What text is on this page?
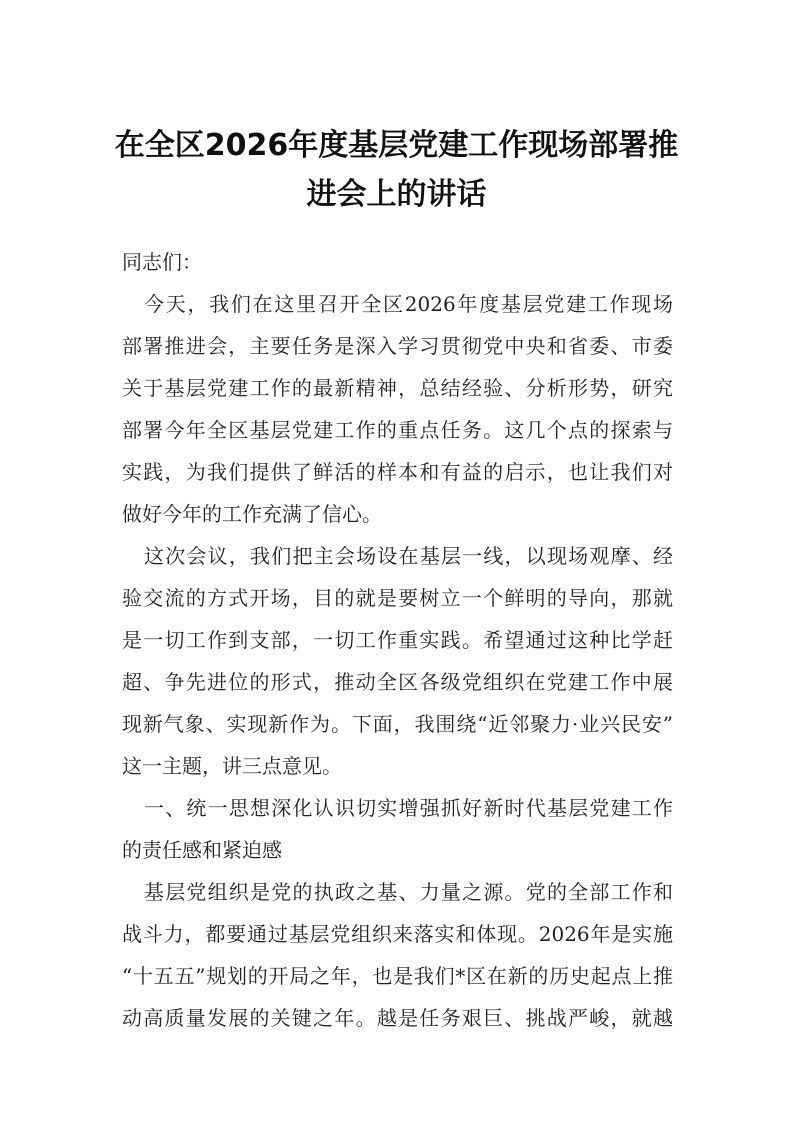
在全区2026年度基层党建工作现场部署推
进会上的讲话
同志们：
今天，我们在这里召开全区2026年度基层党建工作现场
部署推进会，主要任务是深入学习贯彻党中央和省委、市委
关于基层党建工作的最新精神，总结经验、分析形势，研究
部署今年全区基层党建工作的重点任务。这几个点的探索与
实践，为我们提供了鲜活的样本和有益的启示，也让我们对
做好今年的工作充满了信心。
这次会议，我们把主会场设在基层一线，以现场观摩、经
验交流的方式开场，目的就是要树立一个鲜明的导向，那就
是一切工作到支部，一切工作重实践。希望通过这种比学赶
超、争先进位的形式，推动全区各级党组织在党建工作中展
现新气象、实现新作为。下面，我围绕“近邻聚力·业兴民安”
这一主题，讲三点意见。
一、统一思想深化认识切实增强抓好新时代基层党建工作
的责任感和紧迫感
基层党组织是党的执政之基、力量之源。党的全部工作和
战斗力，都要通过基层党组织来落实和体现。2026年是实施
“十五五”规划的开局之年，也是我们*区在新的历史起点上推
动高质量发展的关键之年。越是任务艰巨、挑战严峻，就越
